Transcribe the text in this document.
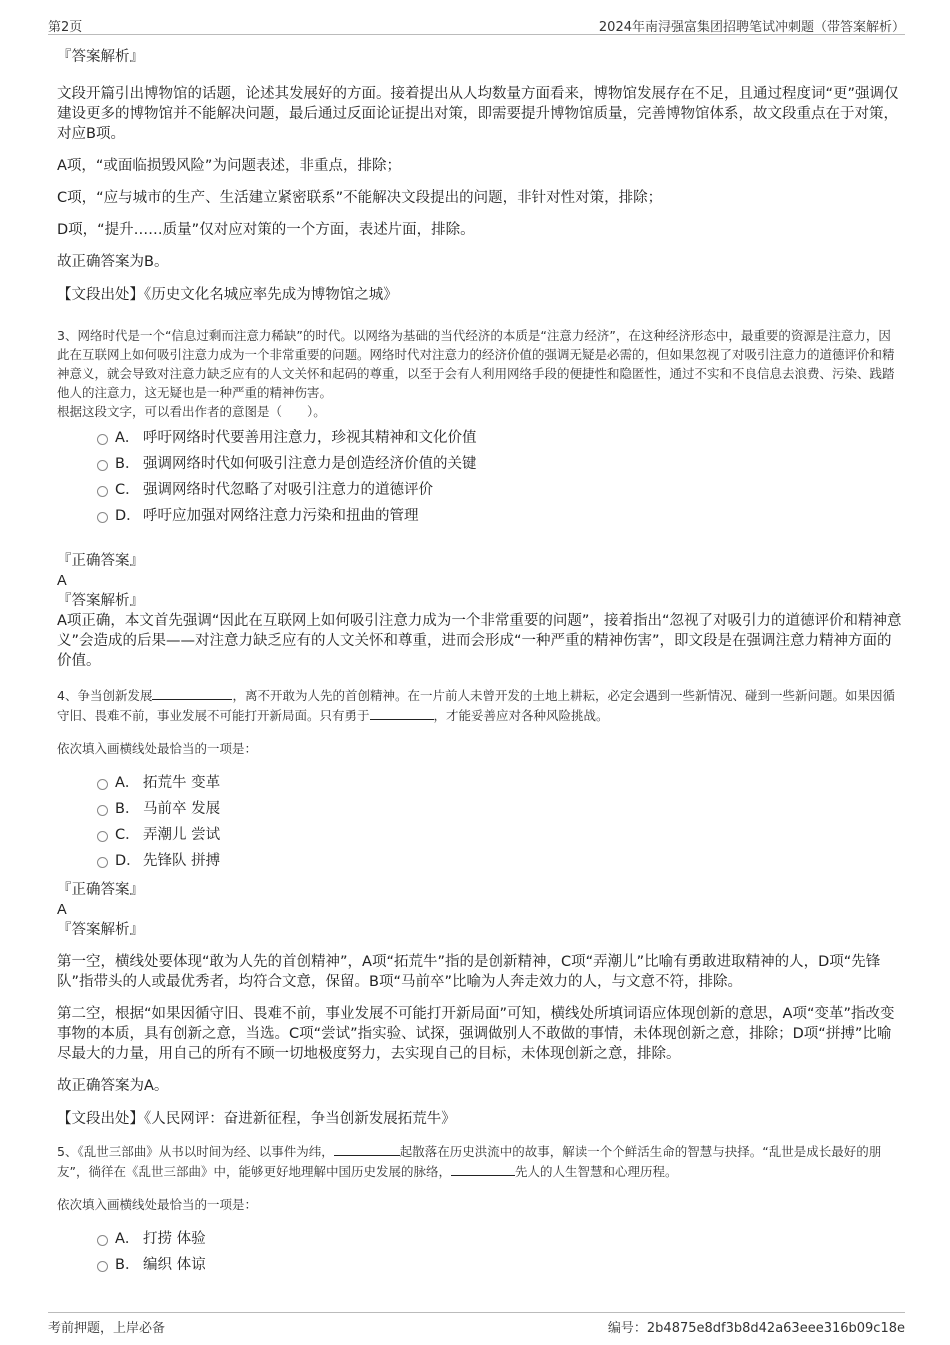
第2页	2024年南浔强富集团招聘笔试冲刺题（带答案解析）

『答案解析』

文段开篇引出博物馆的话题，论述其发展好的方面。接着提出从人均数量方面看来，博物馆发展存在不足，且通过程度词“更”强调仅建设更多的博物馆并不能解决问题，最后通过反面论证提出对策，即需要提升博物馆质量，完善博物馆体系，故文段重点在于对策，对应B项。

A项，“或面临损毁风险”为问题表述，非重点，排除；

C项，“应与城市的生产、生活建立紧密联系”不能解决文段提出的问题，非针对性对策，排除；

D项，“提升……质量”仅对应对策的一个方面，表述片面，排除。

故正确答案为B。

【文段出处】《历史文化名城应率先成为博物馆之城》

3、网络时代是一个“信息过剩而注意力稀缺”的时代。以网络为基础的当代经济的本质是“注意力经济”，在这种经济形态中，最重要的资源是注意力，因此在互联网上如何吸引注意力成为一个非常重要的问题。网络时代对注意力的经济价值的强调无疑是必需的，但如果忽视了对吸引注意力的道德评价和精神意义，就会导致对注意力缺乏应有的人文关怀和起码的尊重，以至于会有人利用网络手段的便捷性和隐匿性，通过不实和不良信息去浪费、污染、践踏他人的注意力，这无疑也是一种严重的精神伤害。

根据这段文字，可以看出作者的意图是（　　）。

A． 呼吁网络时代要善用注意力，珍视其精神和文化价值
B． 强调网络时代如何吸引注意力是创造经济价值的关键
C． 强调网络时代忽略了对吸引注意力的道德评价
D． 呼吁应加强对网络注意力污染和扭曲的管理

『正确答案』

A

『答案解析』

A项正确，本文首先强调“因此在互联网上如何吸引注意力成为一个非常重要的问题”，接着指出“忽视了对吸引力的道德评价和精神意义”会造成的后果——对注意力缺乏应有的人文关怀和尊重，进而会形成“一种严重的精神伤害”，即文段是在强调注意力精神方面的价值。

4、争当创新发展	，离不开敢为人先的首创精神。在一片前人未曾开发的土地上耕耘，必定会遇到一些新情况、碰到一些新问题。如果因循守旧、畏难不前，事业发展不可能打开新局面。只有勇于	，才能妥善应对各种风险挑战。

依次填入画横线处最恰当的一项是：

A． 拓荒牛 变革
B． 马前卒 发展
C． 弄潮儿 尝试
D． 先锋队 拼搏

『正确答案』

A

『答案解析』

第一空，横线处要体现“敢为人先的首创精神”，A项“拓荒牛”指的是创新精神，C项“弄潮儿”比喻有勇敢进取精神的人，D项“先锋队”指带头的人或最优秀者，均符合文意，保留。B项“马前卒”比喻为人奔走效力的人，与文意不符，排除。

第二空，根据“如果因循守旧、畏难不前，事业发展不可能打开新局面”可知，横线处所填词语应体现创新的意思，A项“变革”指改变事物的本质，具有创新之意，当选。C项“尝试”指实验、试探，强调做别人不敢做的事情，未体现创新之意，排除；D项“拼搏”比喻尽最大的力量，用自己的所有不顾一切地极度努力，去实现自己的目标，未体现创新之意，排除。

故正确答案为A。

【文段出处】《人民网评：奋进新征程，争当创新发展拓荒牛》

5、《乱世三部曲》从书以时间为经、以事件为纬，	起散落在历史洪流中的故事，解读一个个鲜活生命的智慧与抉择。“乱世是成长最好的朋友”，徜徉在《乱世三部曲》中，能够更好地理解中国历史发展的脉络，	先人的人生智慧和心理历程。

依次填入画横线处最恰当的一项是：

A． 打捞 体验
B． 编织 体谅
考前押题，上岸必备	编号：2b4875e8df3b8d42a63eee316b09c18e
